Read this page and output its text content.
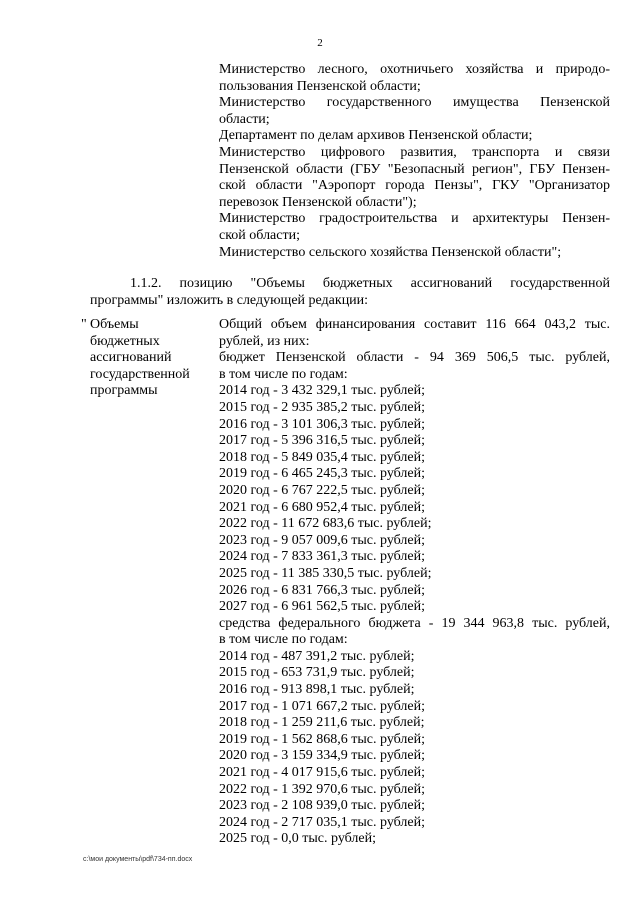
2
Министерство лесного, охотничьего хозяйства и природо-
пользования Пензенской области;
Министерство государственного имущества Пензенской
области;
Департамент по делам архивов Пензенской области;
Министерство цифрового развития, транспорта и связи
Пензенской области (ГБУ "Безопасный регион", ГБУ Пензен-
ской области "Аэропорт города Пензы", ГКУ "Организатор
перевозок Пензенской области");
Министерство градостроительства и архитектуры Пензен-
ской области;
Министерство сельского хозяйства Пензенской области";
1.1.2. позицию "Объемы бюджетных ассигнований государственной
программы" изложить в следующей редакции:
" Объемы
бюджетных
ассигнований
государственной
программы
Общий объем финансирования составит 116 664 043,2 тыс.
рублей, из них:
бюджет Пензенской области - 94 369 506,5 тыс. рублей,
в том числе по годам:
2014 год - 3 432 329,1 тыс. рублей;
2015 год - 2 935 385,2 тыс. рублей;
2016 год - 3 101 306,3 тыс. рублей;
2017 год - 5 396 316,5 тыс. рублей;
2018 год - 5 849 035,4 тыс. рублей;
2019 год - 6 465 245,3 тыс. рублей;
2020 год - 6 767 222,5 тыс. рублей;
2021 год - 6 680 952,4 тыс. рублей;
2022 год - 11 672 683,6 тыс. рублей;
2023 год - 9 057 009,6 тыс. рублей;
2024 год - 7 833 361,3 тыс. рублей;
2025 год - 11 385 330,5 тыс. рублей;
2026 год - 6 831 766,3 тыс. рублей;
2027 год - 6 961 562,5 тыс. рублей;
средства федерального бюджета - 19 344 963,8 тыс. рублей,
в том числе по годам:
2014 год - 487 391,2 тыс. рублей;
2015 год - 653 731,9 тыс. рублей;
2016 год - 913 898,1 тыс. рублей;
2017 год - 1 071 667,2 тыс. рублей;
2018 год - 1 259 211,6 тыс. рублей;
2019 год - 1 562 868,6 тыс. рублей;
2020 год - 3 159 334,9 тыс. рублей;
2021 год - 4 017 915,6 тыс. рублей;
2022 год - 1 392 970,6 тыс. рублей;
2023 год - 2 108 939,0 тыс. рублей;
2024 год - 2 717 035,1 тыс. рублей;
2025 год - 0,0 тыс. рублей;
c:\мои документы\pdf\734-пп.docx
